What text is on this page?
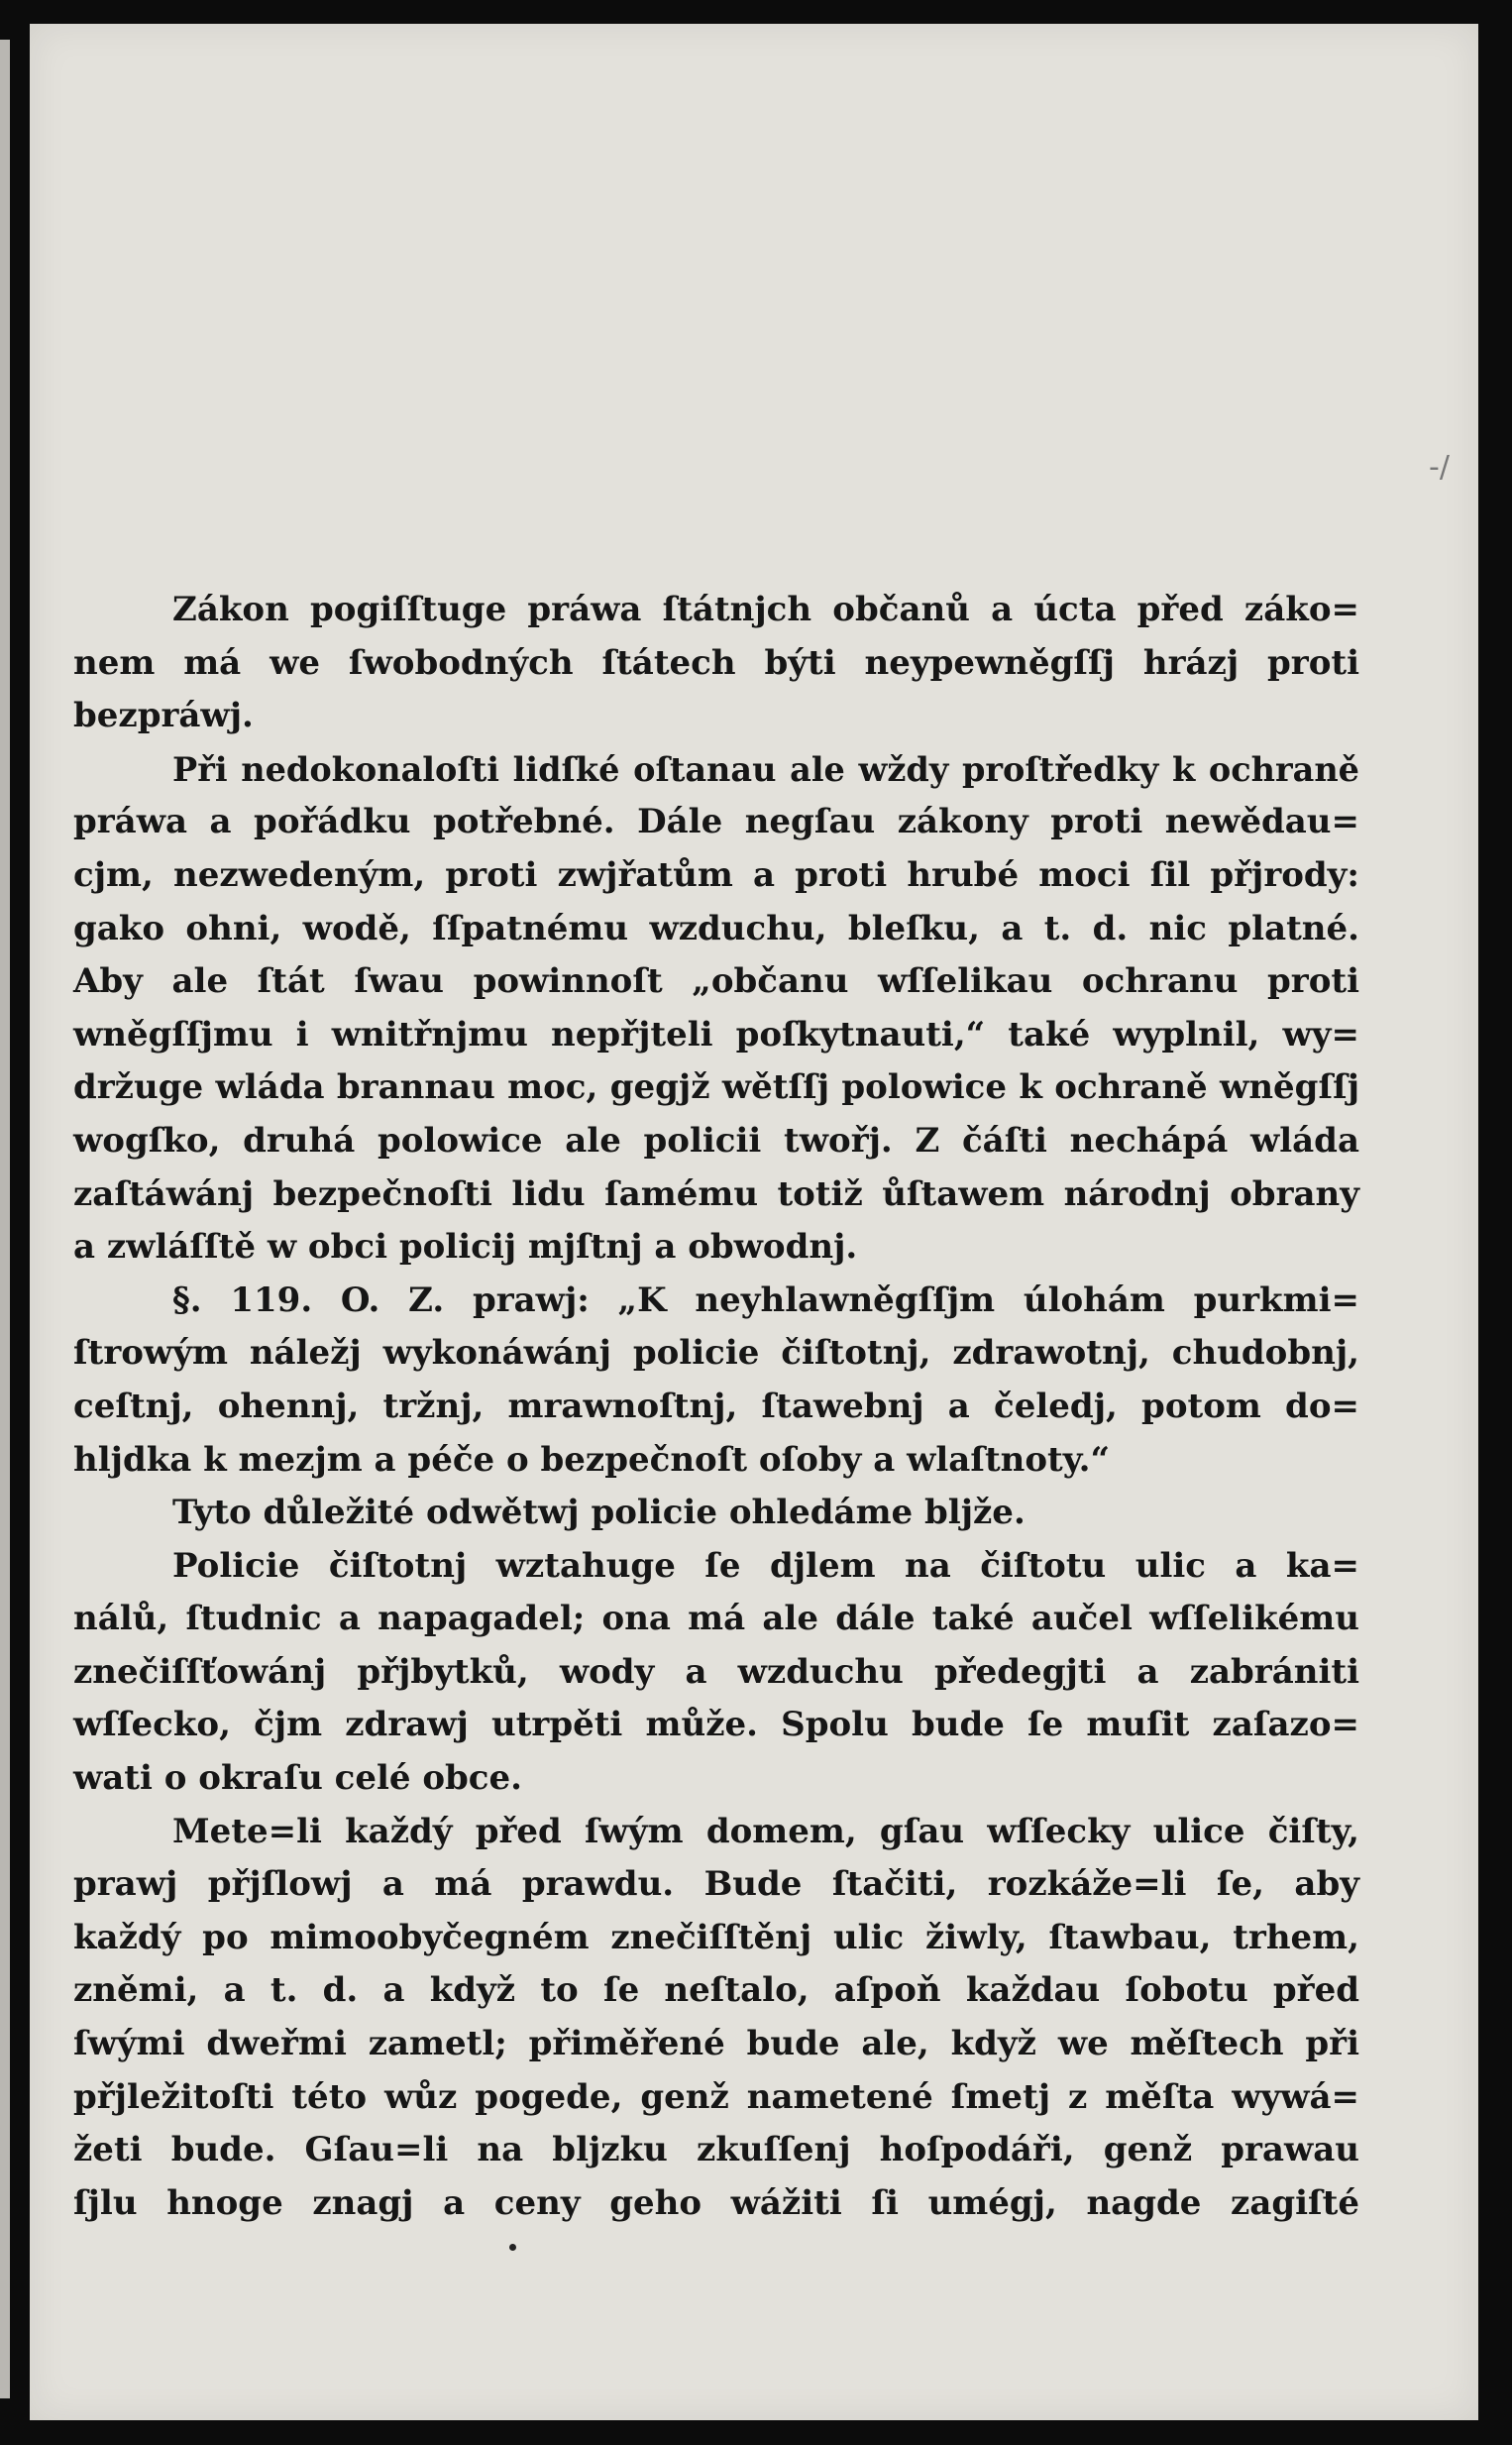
-/
Zákon pogiſſtuge práwa ſtátnjch občanů a úcta před záko=
nem má we ſwobodných ſtátech býti neypewněgſſj hrázj proti
bezpráwj.
Při nedokonaloſti lidſké oſtanau ale wždy proſtředky k ochraně
práwa a pořádku potřebné. Dále negſau zákony proti newědau=
cjm, nezwedeným, proti zwjřatům a proti hrubé moci ſil přjrody:
gako ohni, wodě, ſſpatnému wzduchu, bleſku, a t. d. nic platné.
Aby ale ſtát ſwau powinnoſt „občanu wſſelikau ochranu proti
wněgſſjmu i wnitřnjmu nepřjteli poſkytnauti,“ také wyplnil, wy=
držuge wláda brannau moc, gegjž wětſſj polowice k ochraně wněgſſj
wogſko, druhá polowice ale policii twořj. Z čáſti nechápá wláda
zaſtáwánj bezpečnoſti lidu ſamému totiž ůſtawem národnj obrany
a zwláſſtě w obci policij mjſtnj a obwodnj.
§. 119. O. Z. prawj: „K neyhlawněgſſjm úlohám purkmi=
ſtrowým náležj wykonáwánj policie čiſtotnj, zdrawotnj, chudobnj,
ceſtnj, ohennj, tržnj, mrawnoſtnj, ſtawebnj a čeledj, potom do=
hljdka k mezjm a péče o bezpečnoſt oſoby a wlaſtnoty.“
Tyto důležité odwětwj policie ohledáme bljže.
Policie čiſtotnj wztahuge ſe djlem na čiſtotu ulic a ka=
nálů, ſtudnic a napagadel; ona má ale dále také aučel wſſelikému
znečiſſťowánj přjbytků, wody a wzduchu předegjti a zabrániti
wſſecko, čjm zdrawj utrpěti může. Spolu bude ſe muſit zaſazo=
wati o okraſu celé obce.
Mete=li každý před ſwým domem, gſau wſſecky ulice čiſty,
prawj přjſlowj a má prawdu. Bude ſtačiti, rozkáže=li ſe, aby
každý po mimoobyčegném znečiſſtěnj ulic žiwly, ſtawbau, trhem,
zněmi, a t. d. a když to ſe neſtalo, aſpoň každau ſobotu před
ſwými dweřmi zametl; přiměřené bude ale, když we měſtech při
přjležitoſti této wůz pogede, genž nametené ſmetj z měſta wywá=
žeti bude. Gſau=li na bljzku zkuſſenj hoſpodáři, genž prawau
ſjlu hnoge znagj a ceny geho wážiti ſi umégj, nagde zagiſté
